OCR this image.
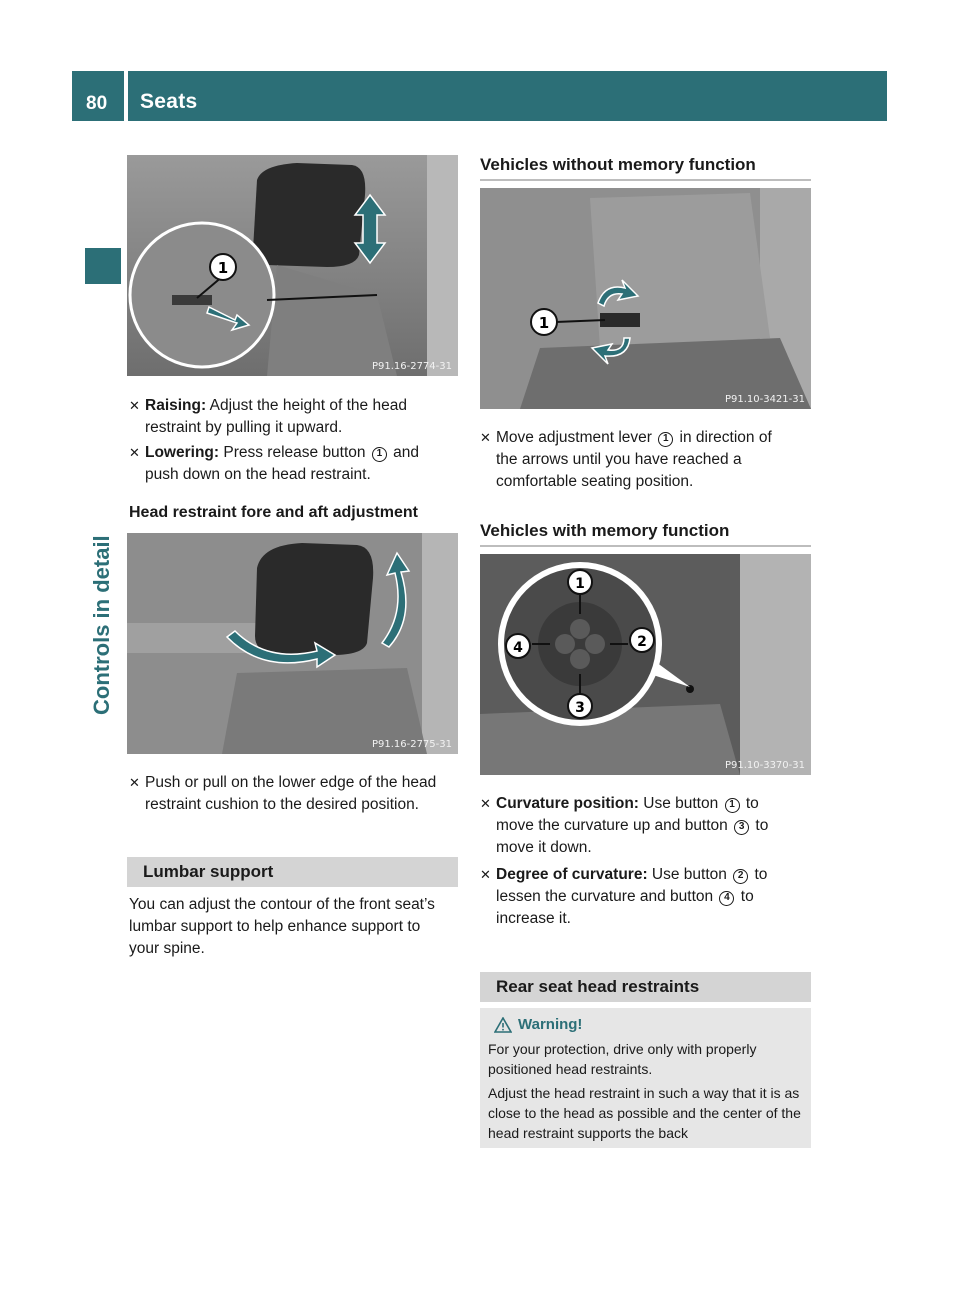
80	Seats
Controls in detail
1
P91.16-2774-31
✕ Raising: Adjust the height of the head
restraint by pulling it upward.
✕ Lowering: Press release button 1 and
push down on the head restraint.
Head restraint fore and aft adjustment
P91.16-2775-31
✕ Push or pull on the lower edge of the head
restraint cushion to the desired position.
Lumbar support
You can adjust the contour of the front seat’s
lumbar support to help enhance support to
your spine.
Vehicles without memory function
1
P91.10-3421-31
✕ Move adjustment lever 1 in direction of
the arrows until you have reached a
comfortable seating position.
Vehicles with memory function
1
2
3
4
P91.10-3370-31
✕ Curvature position: Use button 1 to
move the curvature up and button 3 to
move it down.
✕ Degree of curvature: Use button 2 to
lessen the curvature and button 4 to
increase it.
Rear seat head restraints
Warning!

For your protection, drive only with properly positioned head restraints.

Adjust the head restraint in such a way that it is as close to the head as possible and the center of the head restraint supports the back
